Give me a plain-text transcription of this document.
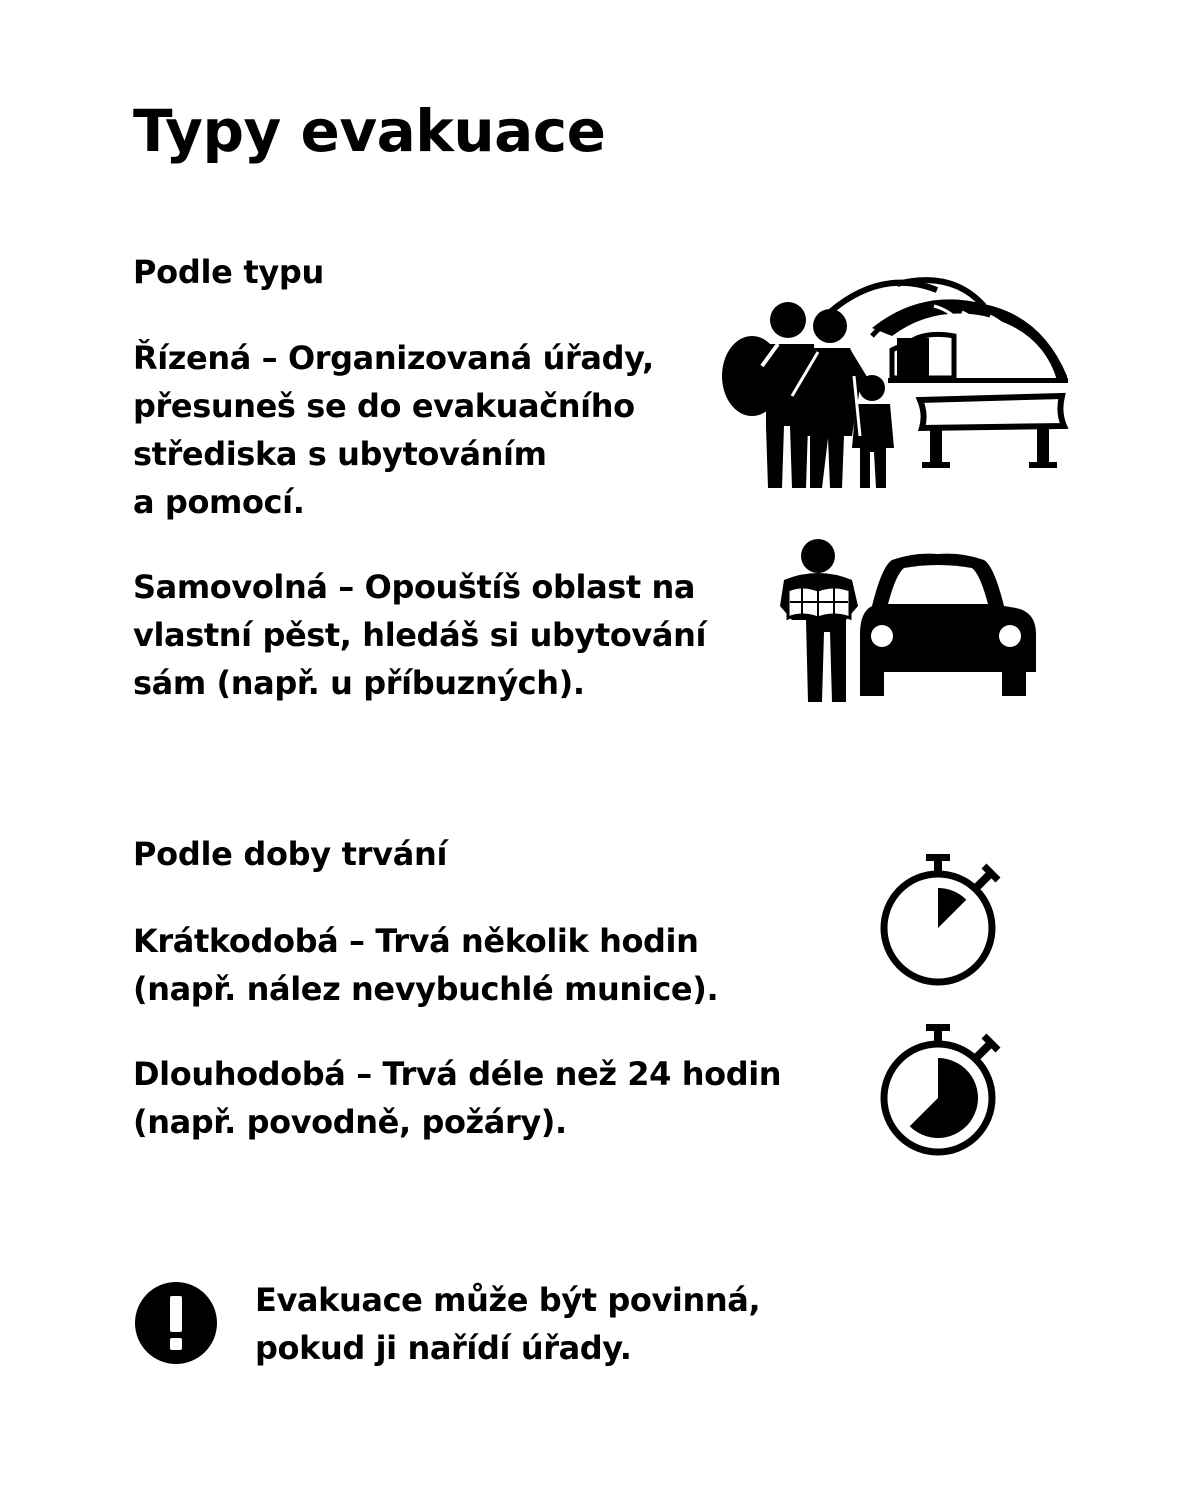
Typy evakuace
Podle typu

Řízená – Organizovaná úřady,
přesuneš se do evakuačního
střediska s ubytováním
a pomocí.

Samovolná – Opouštíš oblast na
vlastní pěst, hledáš si ubytování
sám (např. u příbuzných).

Podle doby trvání

Krátkodobá – Trvá několik hodin
(např. nález nevybuchlé munice).

Dlouhodobá – Trvá déle než 24 hodin
(např. povodně, požáry).

Evakuace může být povinná,
pokud ji nařídí úřady.
